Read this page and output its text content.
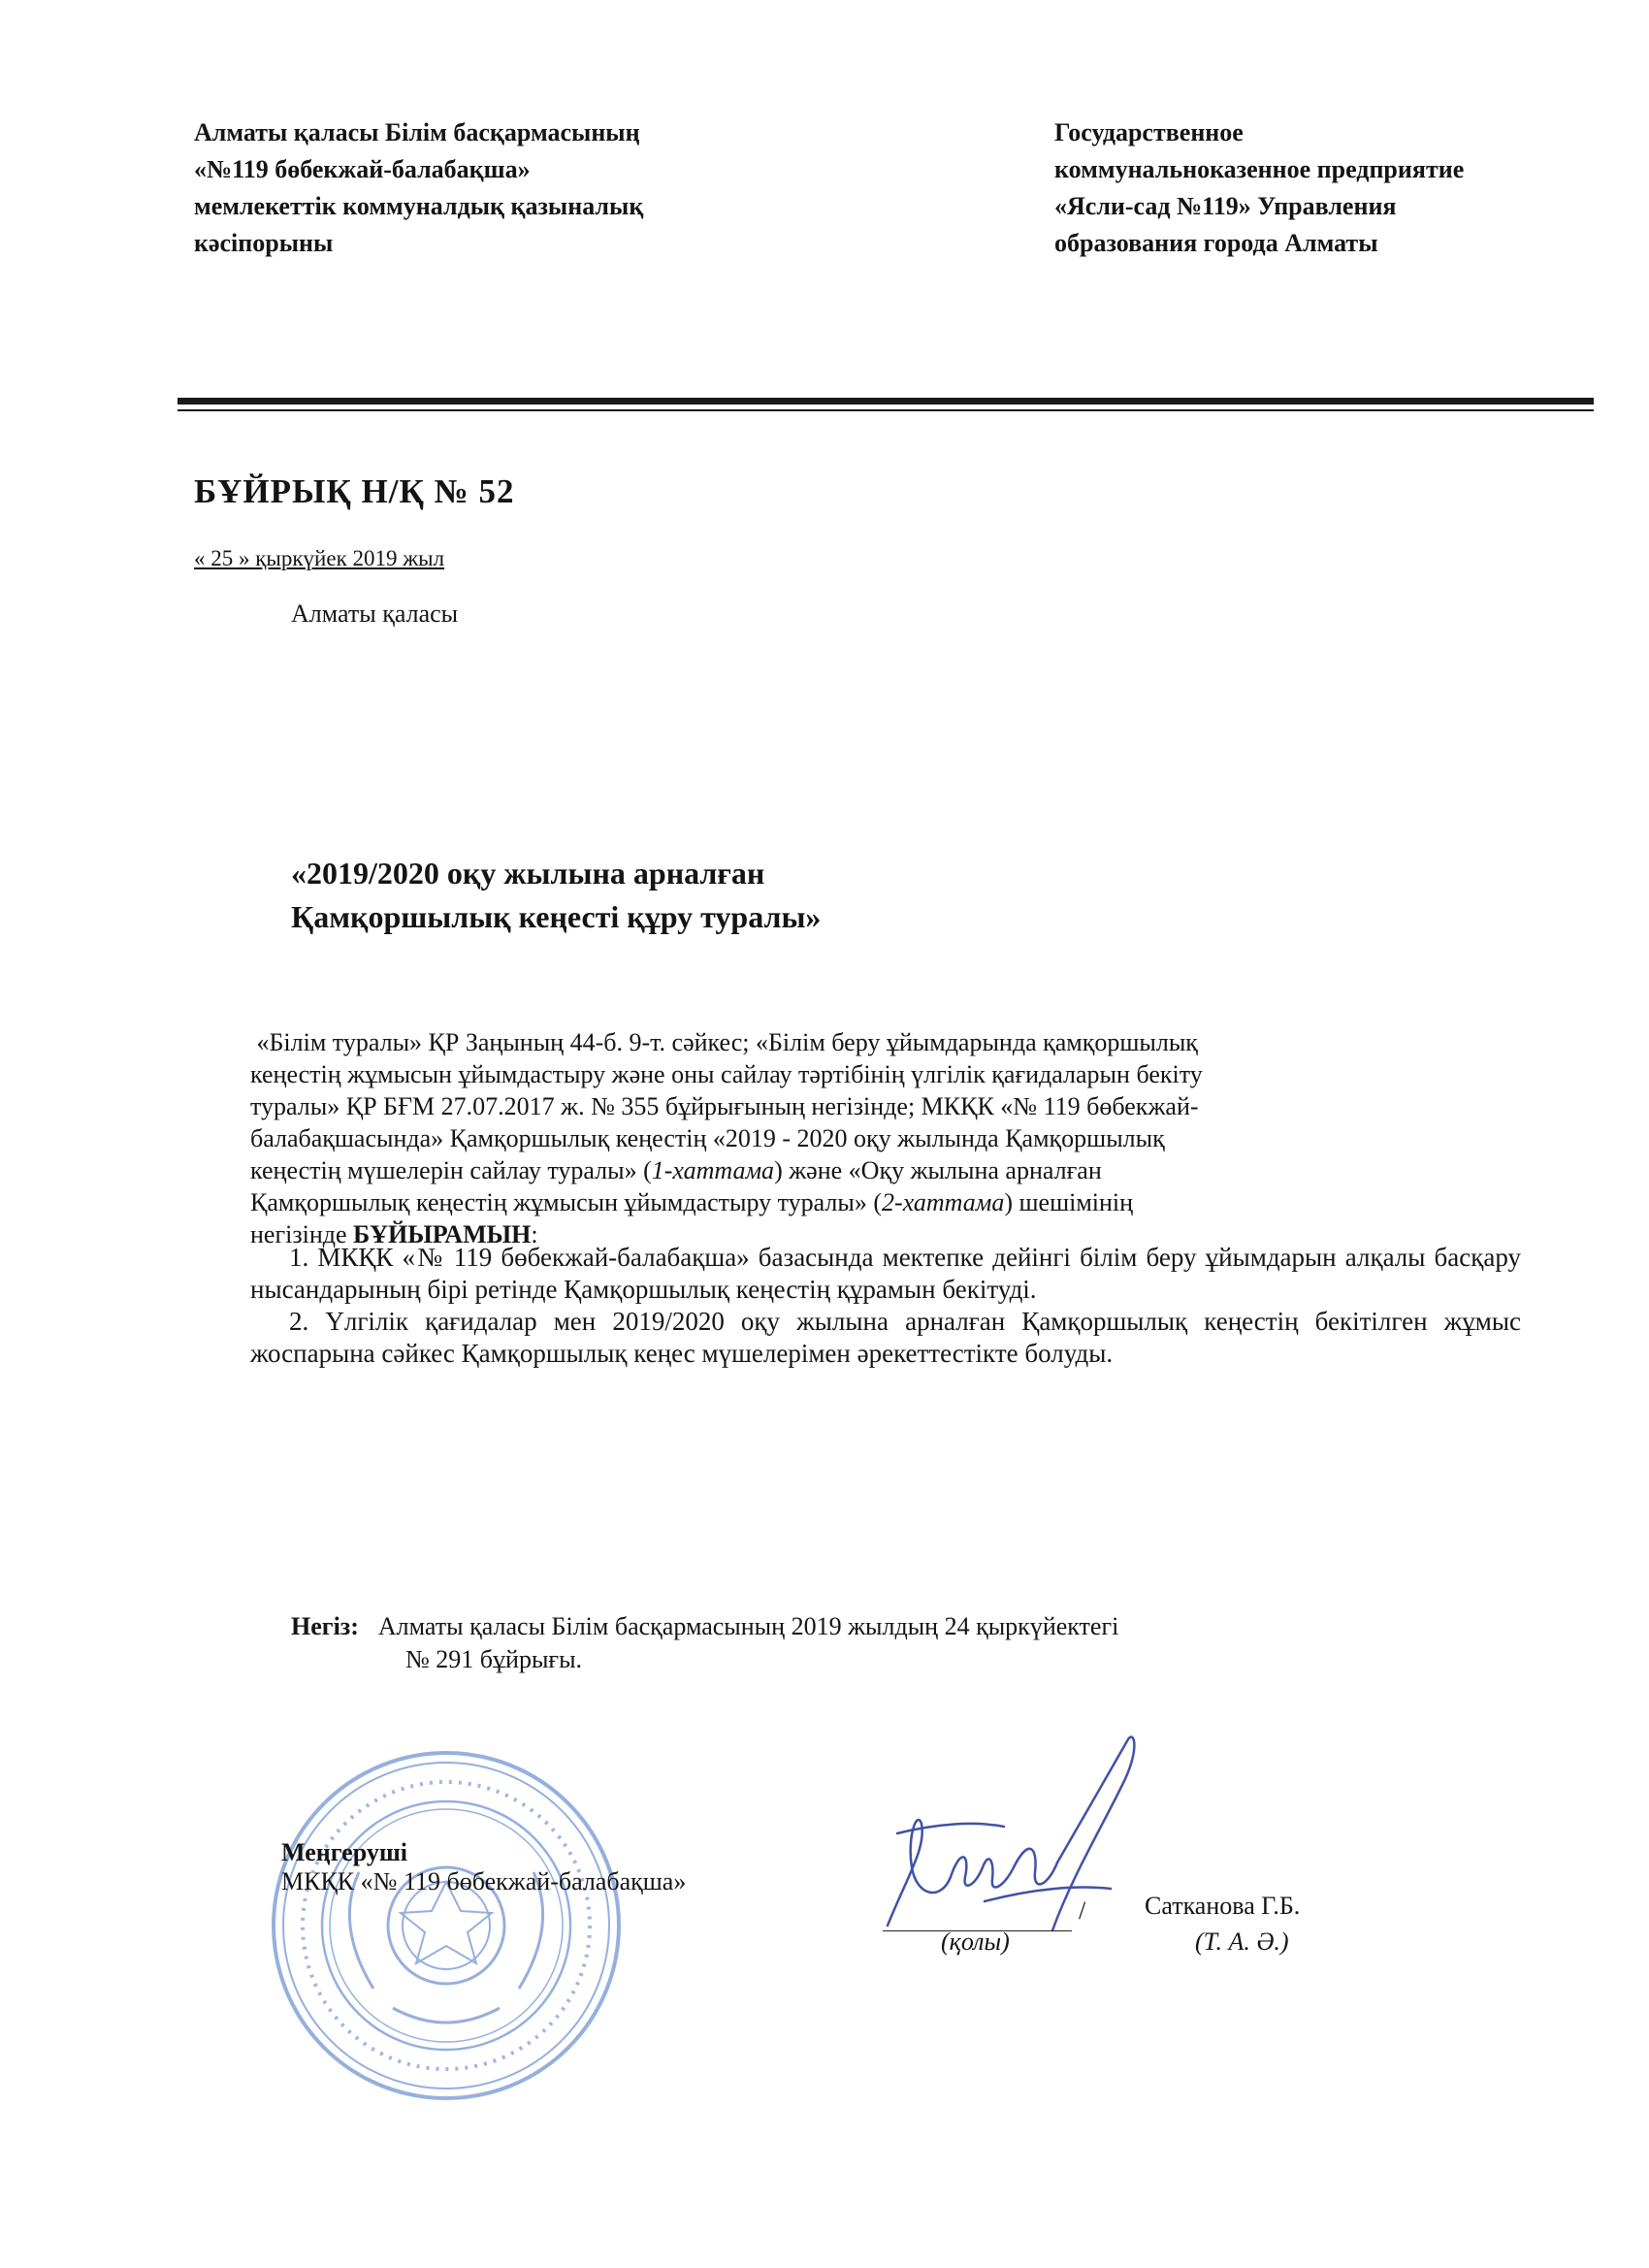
Алматы қаласы Білім басқармасының
«№119 бөбекжай-балабақша»
мемлекеттік коммуналдық қазыналық
кәсіпорыны
Государственное
коммунальноказенное предприятие
«Ясли-сад №119» Управления
образования города Алматы
БҰЙРЫҚ Н/Қ № 52
« 25 » қыркүйек 2019 жыл
Алматы қаласы
«2019/2020 оқу жылына арналған
Қамқоршылық кеңесті құру туралы»
«Білім туралы» ҚР Заңының 44-б. 9-т. сәйкес; «Білім беру ұйымдарында қамқоршылық
кеңестің жұмысын ұйымдастыру және оны сайлау тәртібінің үлгілік қағидаларын бекіту
туралы» ҚР БҒМ 27.07.2017 ж. № 355 бұйрығының негізінде; МКҚК «№ 119 бөбекжай-
балабақшасында» Қамқоршылық кеңестің «2019 - 2020 оқу жылында Қамқоршылық
кеңестің мүшелерін сайлау туралы» (1-хаттама) және «Оқу жылына арналған
Қамқоршылық кеңестің жұмысын ұйымдастыру туралы» (2-хаттама) шешімінің
негізінде БҰЙЫРАМЫН:

1. МКҚК «№ 119 бөбекжай-балабақша» базасында мектепке дейінгі білім беру ұйымдарын алқалы басқару нысандарының бірі ретінде Қамқоршылық кеңестің құрамын бекітуді.

2. Үлгілік қағидалар мен 2019/2020 оқу жылына арналған Қамқоршылық кеңестің бекітілген жұмыс жоспарына сәйкес Қамқоршылық кеңес мүшелерімен әрекеттестікте болуды.

Негіз: Алматы қаласы Білім басқармасының 2019 жылдың 24 қыркүйектегі
№ 291 бұйрығы.
Меңгеруші
МКҚК «№ 119 бөбекжай-балабақша»
/ Сатканова Г.Б.
(қолы)	(Т. А. Ә.)
